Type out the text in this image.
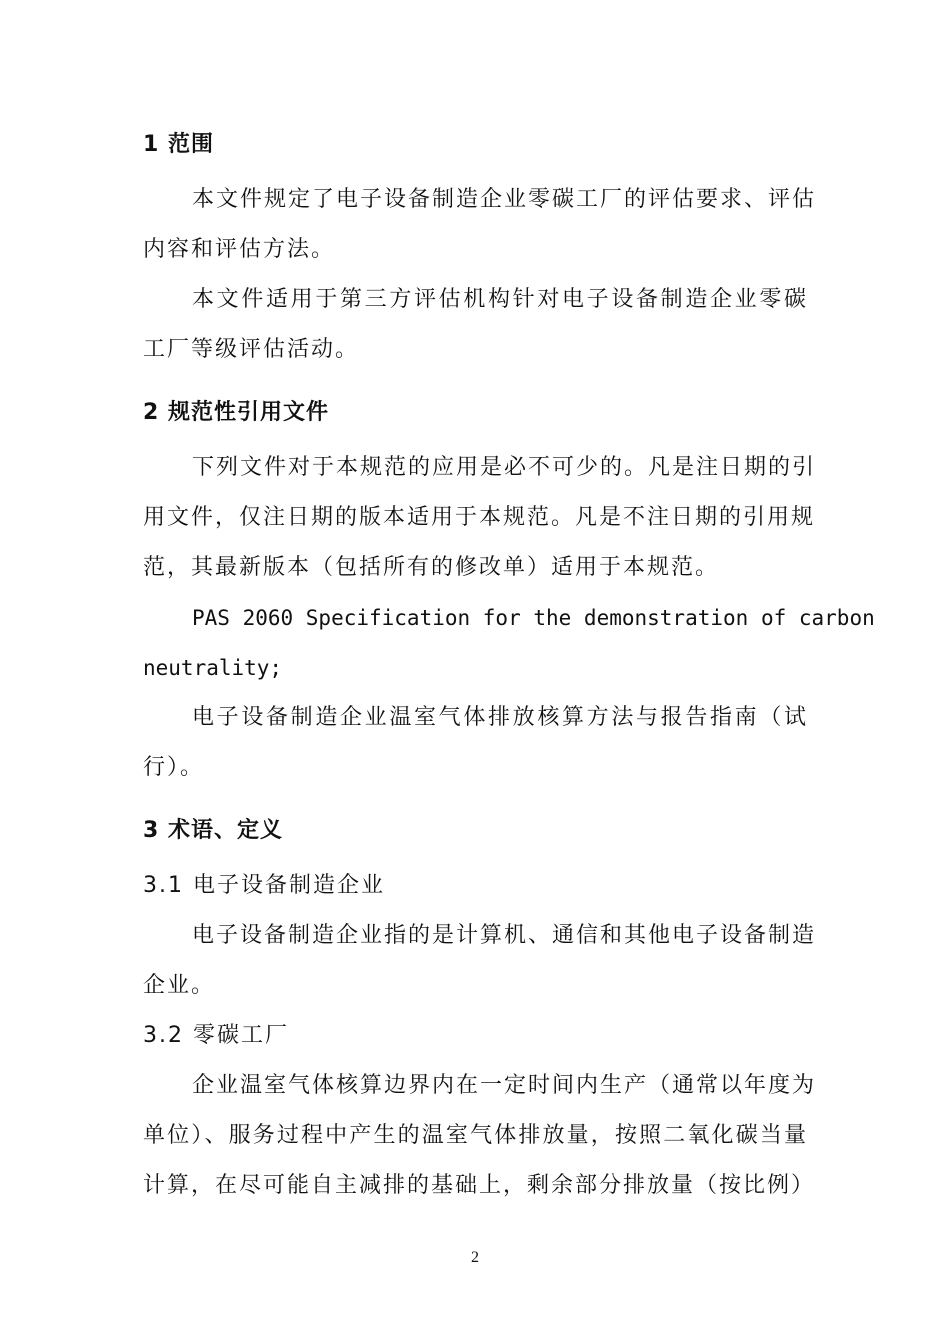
1 范围
本文件规定了电子设备制造企业零碳工厂的评估要求、评估
内容和评估方法。
本文件适用于第三方评估机构针对电子设备制造企业零碳
工厂等级评估活动。
2 规范性引用文件
下列文件对于本规范的应用是必不可少的。凡是注日期的引
用文件，仅注日期的版本适用于本规范。凡是不注日期的引用规
范，其最新版本（包括所有的修改单）适用于本规范。
PAS 2060 Specification for the demonstration of carbon
neutrality;
电子设备制造企业温室气体排放核算方法与报告指南（试
行）。
3 术语、定义
3.1 电子设备制造企业
电子设备制造企业指的是计算机、通信和其他电子设备制造
企业。
3.2 零碳工厂
企业温室气体核算边界内在一定时间内生产（通常以年度为
单位）、服务过程中产生的温室气体排放量，按照二氧化碳当量
计算，在尽可能自主减排的基础上，剩余部分排放量（按比例）
2
